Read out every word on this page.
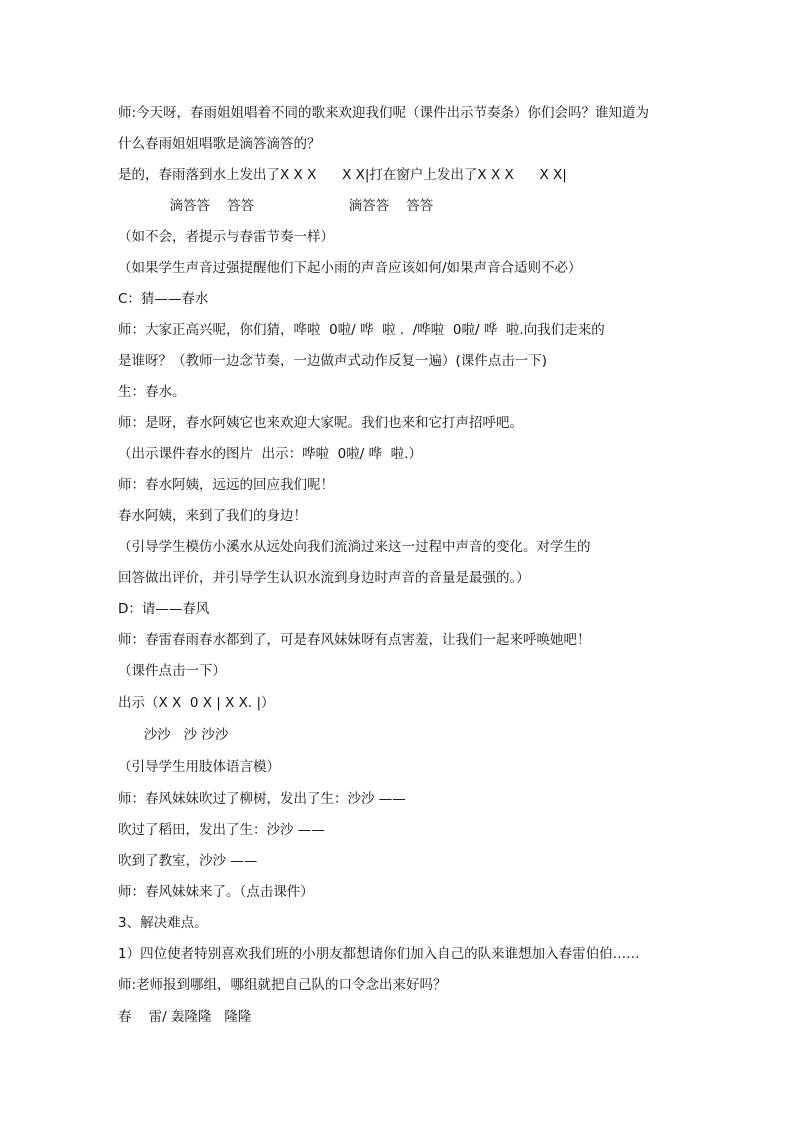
师:今天呀，春雨姐姐唱着不同的歌来欢迎我们呢（课件出示节奏条）你们会吗？谁知道为
什么春雨姐姐唱歌是滴答滴答的？
是的，春雨落到水上发出了X X X      X X|打在窗户上发出了X X X      X X|
滴答答    答答                      滴答答    答答
（如不会，者提示与春雷节奏一样）
（如果学生声音过强提醒他们下起小雨的声音应该如何/如果声音合适则不必）
C：猜——春水
师：大家正高兴呢，你们猜，哗啦  0啦/ 哗  啦 .  /哗啦  0啦/ 哗  啦.向我们走来的
是谁呀？（教师一边念节奏，一边做声式动作反复一遍）(课件点击一下)
生：春水。
师：是呀，春水阿姨它也来欢迎大家呢。我们也来和它打声招呼吧。
（出示课件春水的图片  出示：哗啦  0啦/ 哗  啦.）
师：春水阿姨，远远的回应我们呢！
春水阿姨，来到了我们的身边！
（引导学生模仿小溪水从远处向我们流淌过来这一过程中声音的变化。对学生的
回答做出评价，并引导学生认识水流到身边时声音的音量是最强的。）
D：请——春风
师：春雷春雨春水都到了，可是春风妹妹呀有点害羞，让我们一起来呼唤她吧！
（课件点击一下）
出示（X X  0 X | X X. |）
沙沙   沙 沙沙
（引导学生用肢体语言模）
师：春风妹妹吹过了柳树，发出了生：沙沙 ——
吹过了稻田，发出了生：沙沙 ——
吹到了教室，沙沙 ——
师：春风妹妹来了。（点击课件）
3、解决难点。
1）四位使者特别喜欢我们班的小朋友都想请你们加入自己的队来谁想加入春雷伯伯……
师:老师报到哪组，哪组就把自己队的口令念出来好吗？
春    雷/ 轰隆隆   隆隆
